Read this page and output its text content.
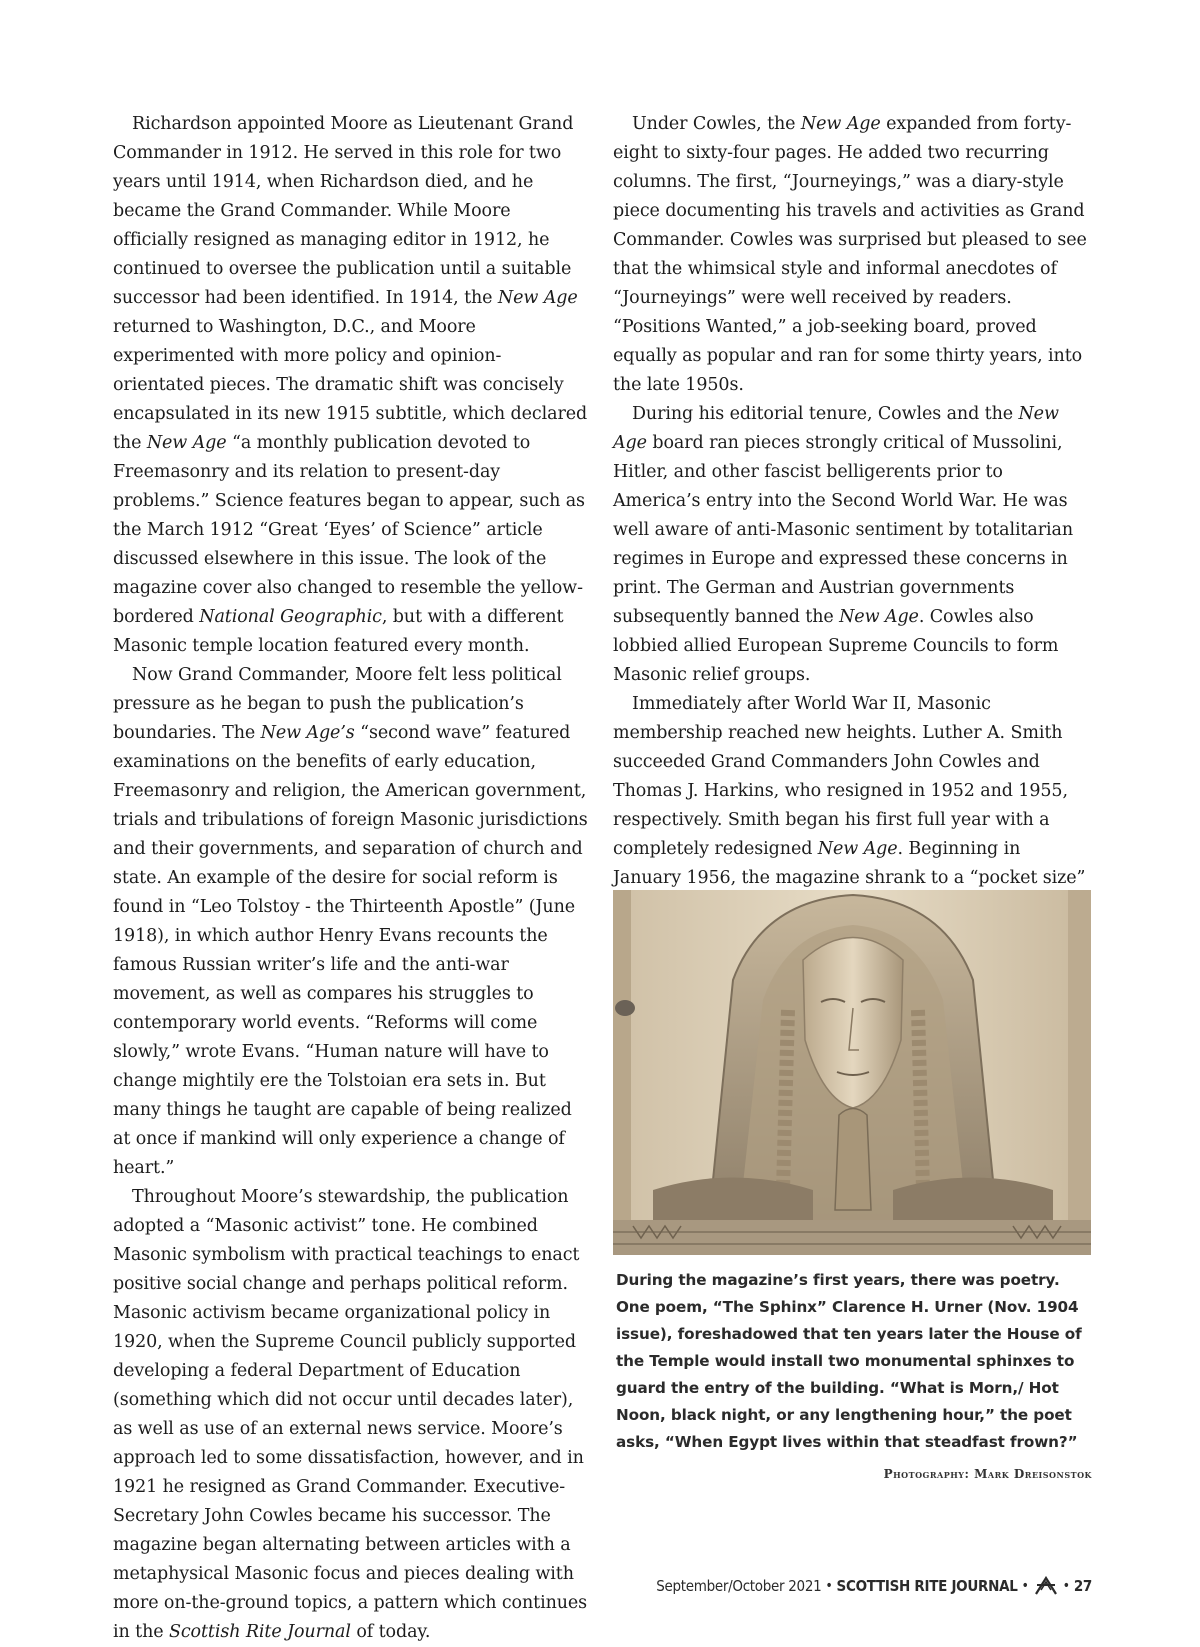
Richardson appointed Moore as Lieutenant Grand Commander in 1912. He served in this role for two years until 1914, when Richardson died, and he became the Grand Commander. While Moore officially resigned as managing editor in 1912, he continued to oversee the publication until a suitable successor had been identified. In 1914, the New Age returned to Washington, D.C., and Moore experimented with more policy and opinion-orientated pieces. The dramatic shift was concisely encapsulated in its new 1915 subtitle, which declared the New Age “a monthly publication devoted to Freemasonry and its relation to present-day problems.” Science features began to appear, such as the March 1912 “Great ‘Eyes’ of Science” article discussed elsewhere in this issue. The look of the magazine cover also changed to resemble the yellow-bordered National Geographic, but with a different Masonic temple location featured every month.

Now Grand Commander, Moore felt less political pressure as he began to push the publication’s boundaries. The New Age’s “second wave” featured examinations on the benefits of early education, Freemasonry and religion, the American government, trials and tribulations of foreign Masonic jurisdictions and their governments, and separation of church and state. An example of the desire for social reform is found in “Leo Tolstoy - the Thirteenth Apostle” (June 1918), in which author Henry Evans recounts the famous Russian writer’s life and the anti-war movement, as well as compares his struggles to contemporary world events. “Reforms will come slowly,” wrote Evans. “Human nature will have to change mightily ere the Tolstoian era sets in. But many things he taught are capable of being realized at once if mankind will only experience a change of heart.”

Throughout Moore’s stewardship, the publication adopted a “Masonic activist” tone. He combined Masonic symbolism with practical teachings to enact positive social change and perhaps political reform. Masonic activism became organizational policy in 1920, when the Supreme Council publicly supported developing a federal Department of Education (something which did not occur until decades later), as well as use of an external news service. Moore’s approach led to some dissatisfaction, however, and in 1921 he resigned as Grand Commander. Executive-Secretary John Cowles became his successor. The magazine began alternating between articles with a metaphysical Masonic focus and pieces dealing with more on-the-ground topics, a pattern which continues in the Scottish Rite Journal of today.

Under Cowles, the New Age expanded from forty-eight to sixty-four pages. He added two recurring columns. The first, “Journeyings,” was a diary-style piece documenting his travels and activities as Grand Commander. Cowles was surprised but pleased to see that the whimsical style and informal anecdotes of “Journeyings” were well received by readers. “Positions Wanted,” a job-seeking board, proved equally as popular and ran for some thirty years, into the late 1950s.

During his editorial tenure, Cowles and the New Age board ran pieces strongly critical of Mussolini, Hitler, and other fascist belligerents prior to America’s entry into the Second World War. He was well aware of anti-Masonic sentiment by totalitarian regimes in Europe and expressed these concerns in print. The German and Austrian governments subsequently banned the New Age. Cowles also lobbied allied European Supreme Councils to form Masonic relief groups.

Immediately after World War II, Masonic membership reached new heights. Luther A. Smith succeeded Grand Commanders John Cowles and Thomas J. Harkins, who resigned in 1952 and 1955, respectively. Smith began his first full year with a completely redesigned New Age. Beginning in January 1956, the magazine shrank to a “pocket size”

During the magazine’s first years, there was poetry. One poem, “The Sphinx” Clarence H. Urner (Nov. 1904 issue), foreshadowed that ten years later the House of the Temple would install two monumental sphinxes to guard the entry of the building. “What is Morn,/ Hot Noon, black night, or any lengthening hour,” the poet asks, “When Egypt lives within that steadfast frown?”
Photography: Mark Dreisonstok
September/October 2021 • SCOTTISH RITE JOURNAL • • 27
